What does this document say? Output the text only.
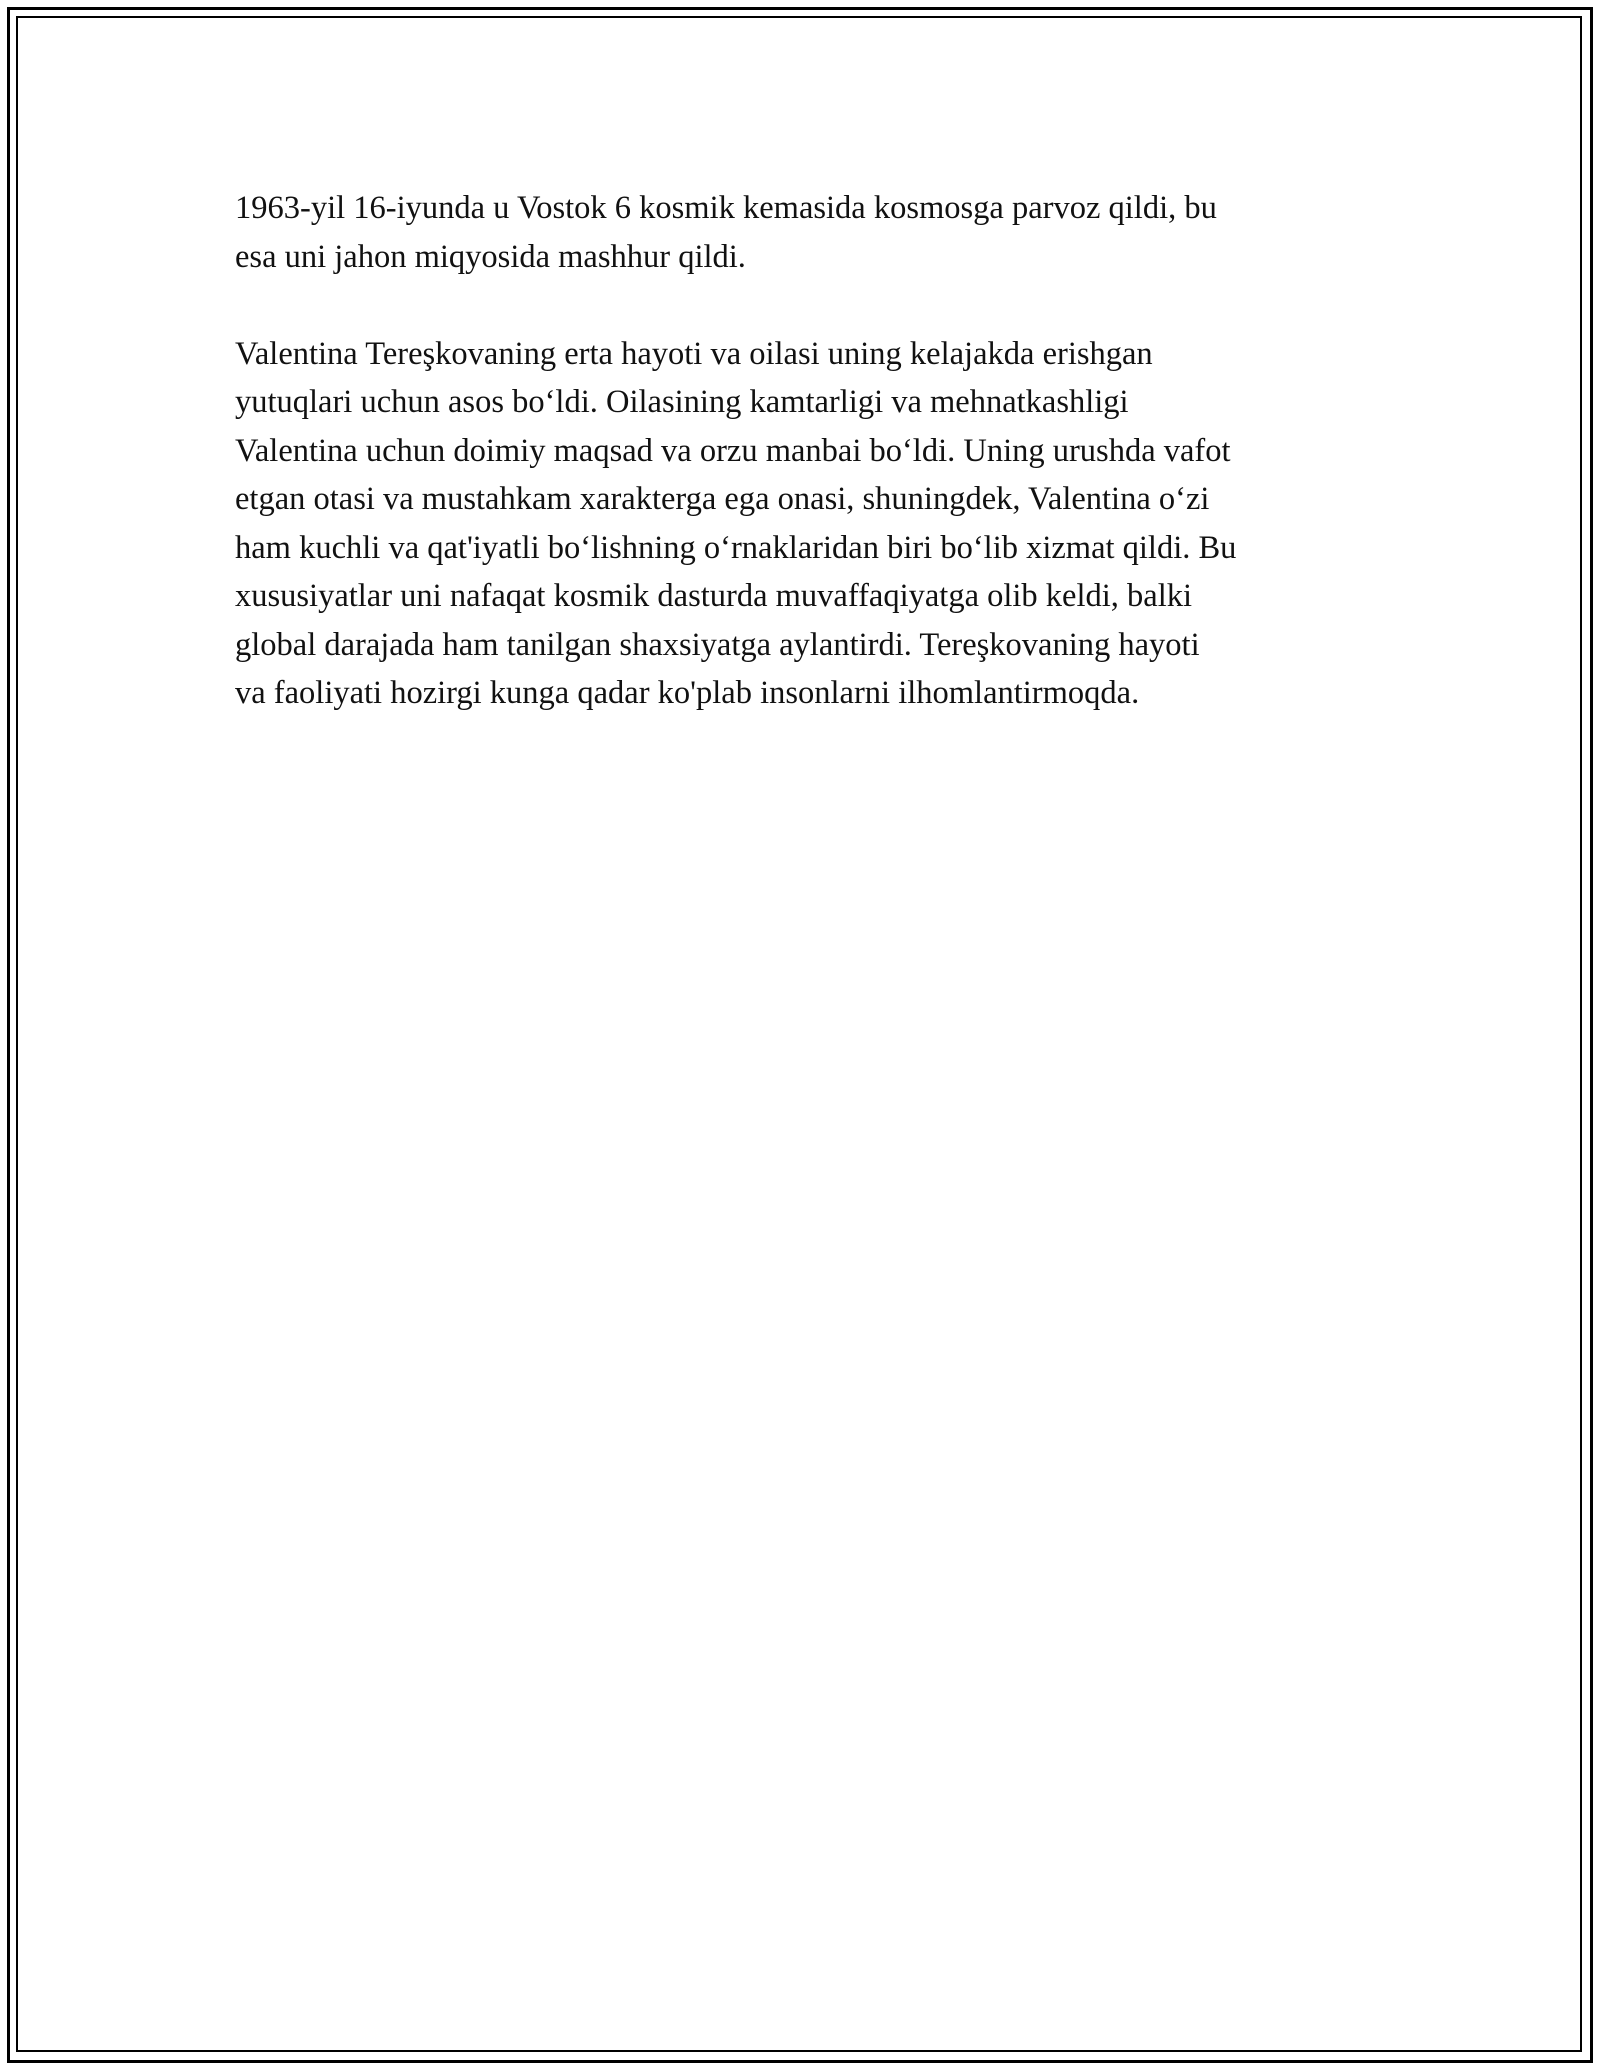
1963-yil 16-iyunda u Vostok 6 kosmik kemasida kosmosga parvoz qildi, bu
esa uni jahon miqyosida mashhur qildi.

Valentina Tereşkovaning erta hayoti va oilasi uning kelajakda erishgan
yutuqlari uchun asos boʻldi. Oilasining kamtarligi va mehnatkashligi
Valentina uchun doimiy maqsad va orzu manbai boʻldi. Uning urushda vafot
etgan otasi va mustahkam xarakterga ega onasi, shuningdek, Valentina oʻzi
ham kuchli va qat'iyatli boʻlishning oʻrnaklaridan biri boʻlib xizmat qildi. Bu
xususiyatlar uni nafaqat kosmik dasturda muvaffaqiyatga olib keldi, balki
global darajada ham tanilgan shaxsiyatga aylantirdi. Tereşkovaning hayoti
va faoliyati hozirgi kunga qadar ko'plab insonlarni ilhomlantirmoqda.
